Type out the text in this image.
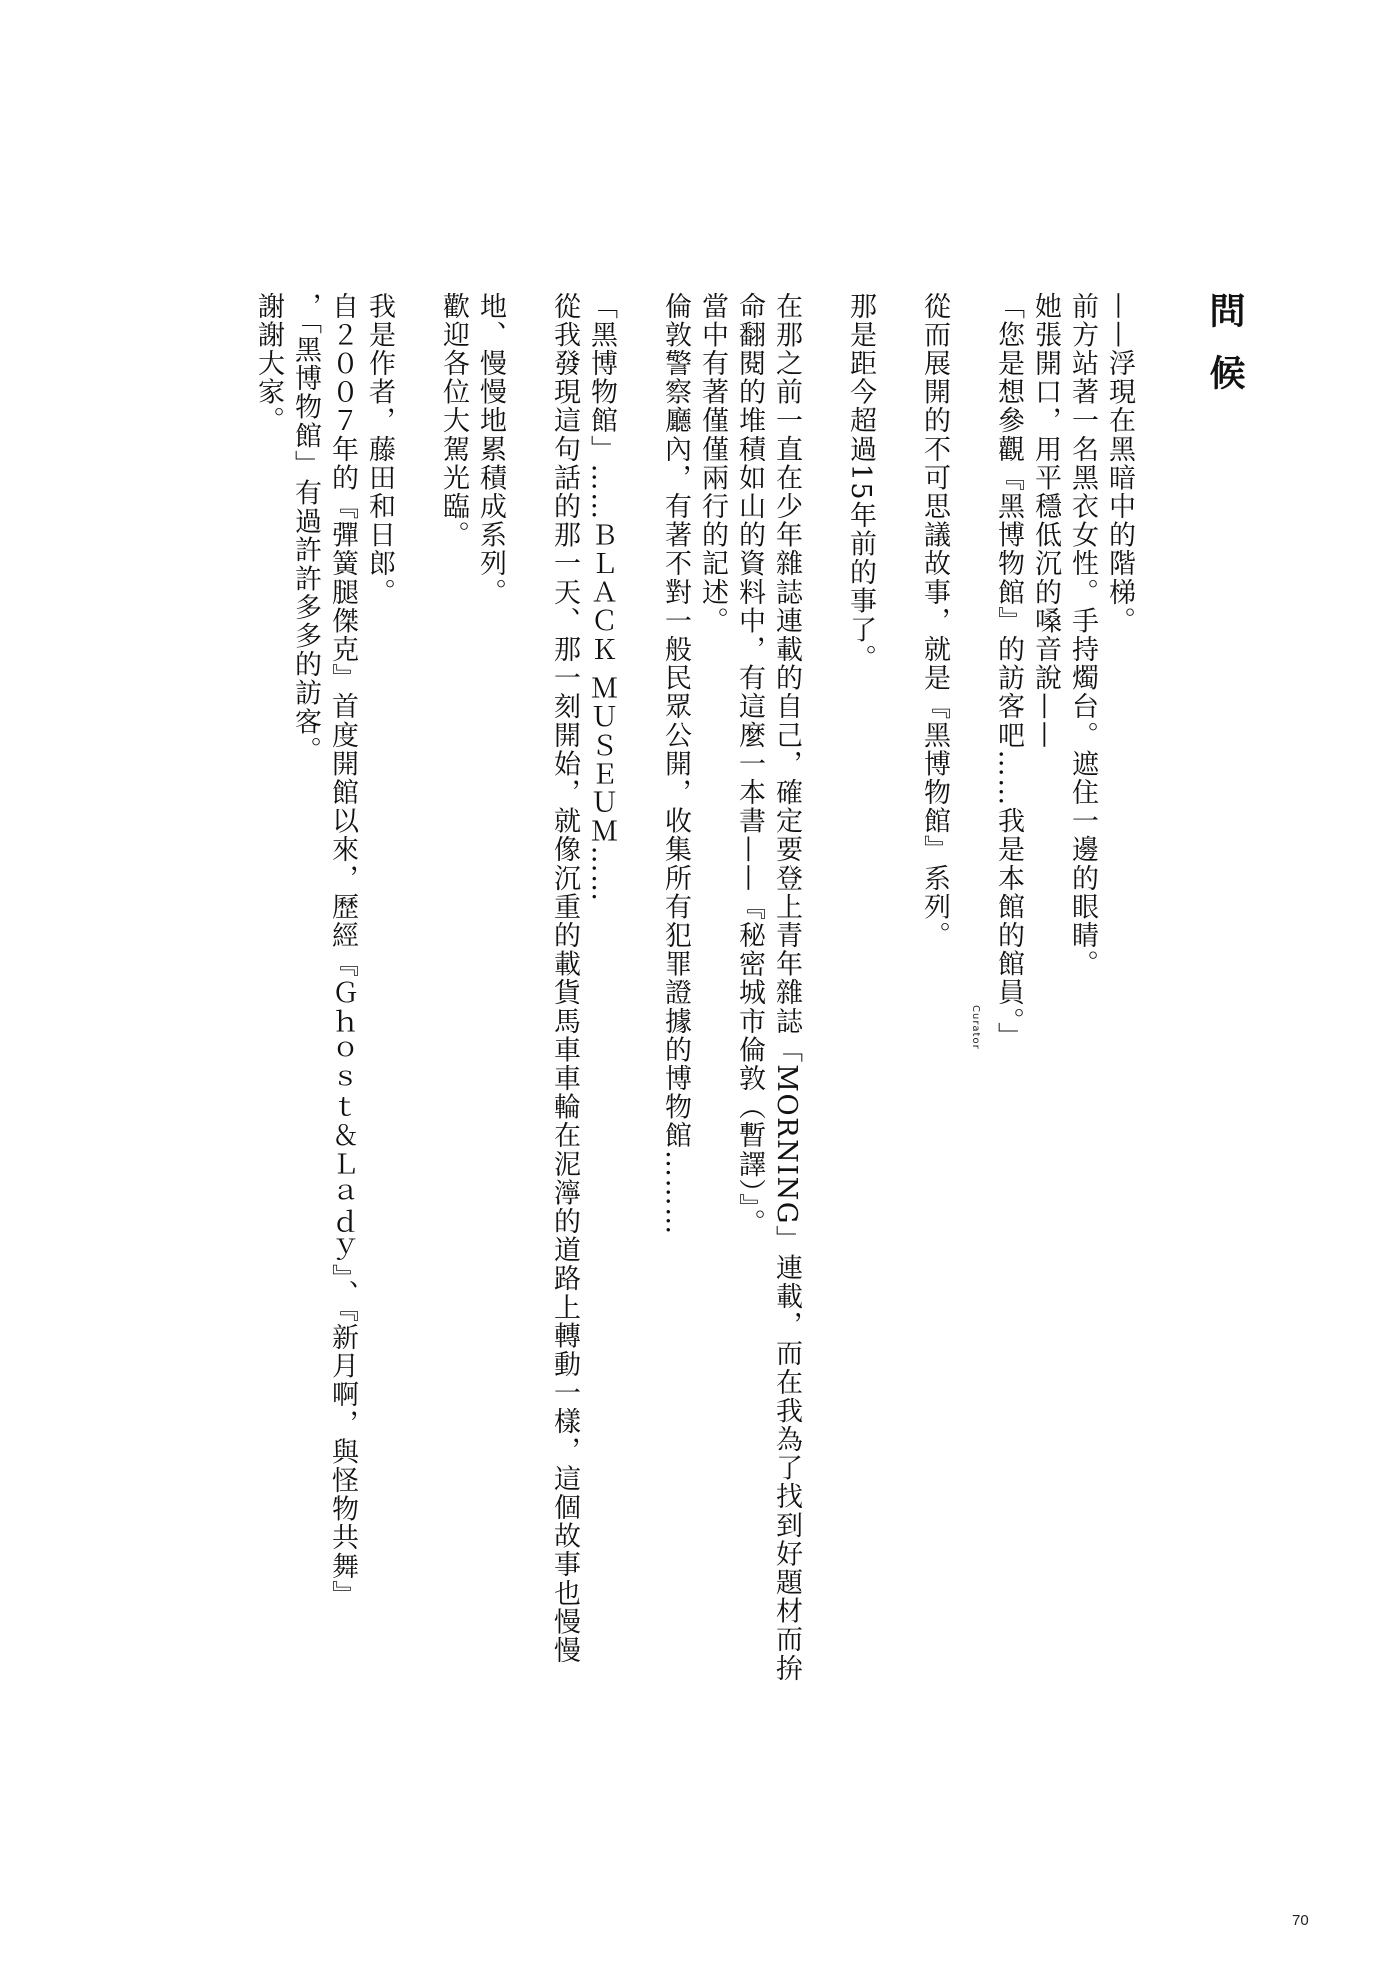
問候
Curator

——浮現在黑暗中的階梯。

前方站著一名黑衣女性。手持燭台。遮住一邊的眼睛。

她張開口，用平穩低沉的嗓音說——

「您是想參觀『黑博物館』的訪客吧……我是本館的館員。」

從而展開的不可思議故事，就是『黑博物館』系列。

那是距今超過15年前的事了。

在那之前一直在少年雜誌連載的自己，確定要登上青年雜誌「MORNING」連載，而在我為了找到好題材而拚

命翻閱的堆積如山的資料中，有這麼一本書——『秘密城市倫敦（暫譯）』。

當中有著僅僅兩行的記述。

倫敦警察廳內，有著不對一般民眾公開，收集所有犯罪證據的博物館………

「黑博物館」……ＢＬＡＣＫ ＭＵＳＥＵＭ……

從我發現這句話的那一天、那一刻開始，就像沉重的載貨馬車車輪在泥濘的道路上轉動一樣，這個故事也慢慢

地、慢慢地累積成系列。

歡迎各位大駕光臨。

我是作者，藤田和日郎。

自２００７年的『彈簧腿傑克』首度開館以來，歷經『Ｇｈｏｓｔ＆Ｌａｄｙ』、『新月啊，與怪物共舞』

，「黑博物館」有過許許多多的訪客。

謝謝大家。

70
